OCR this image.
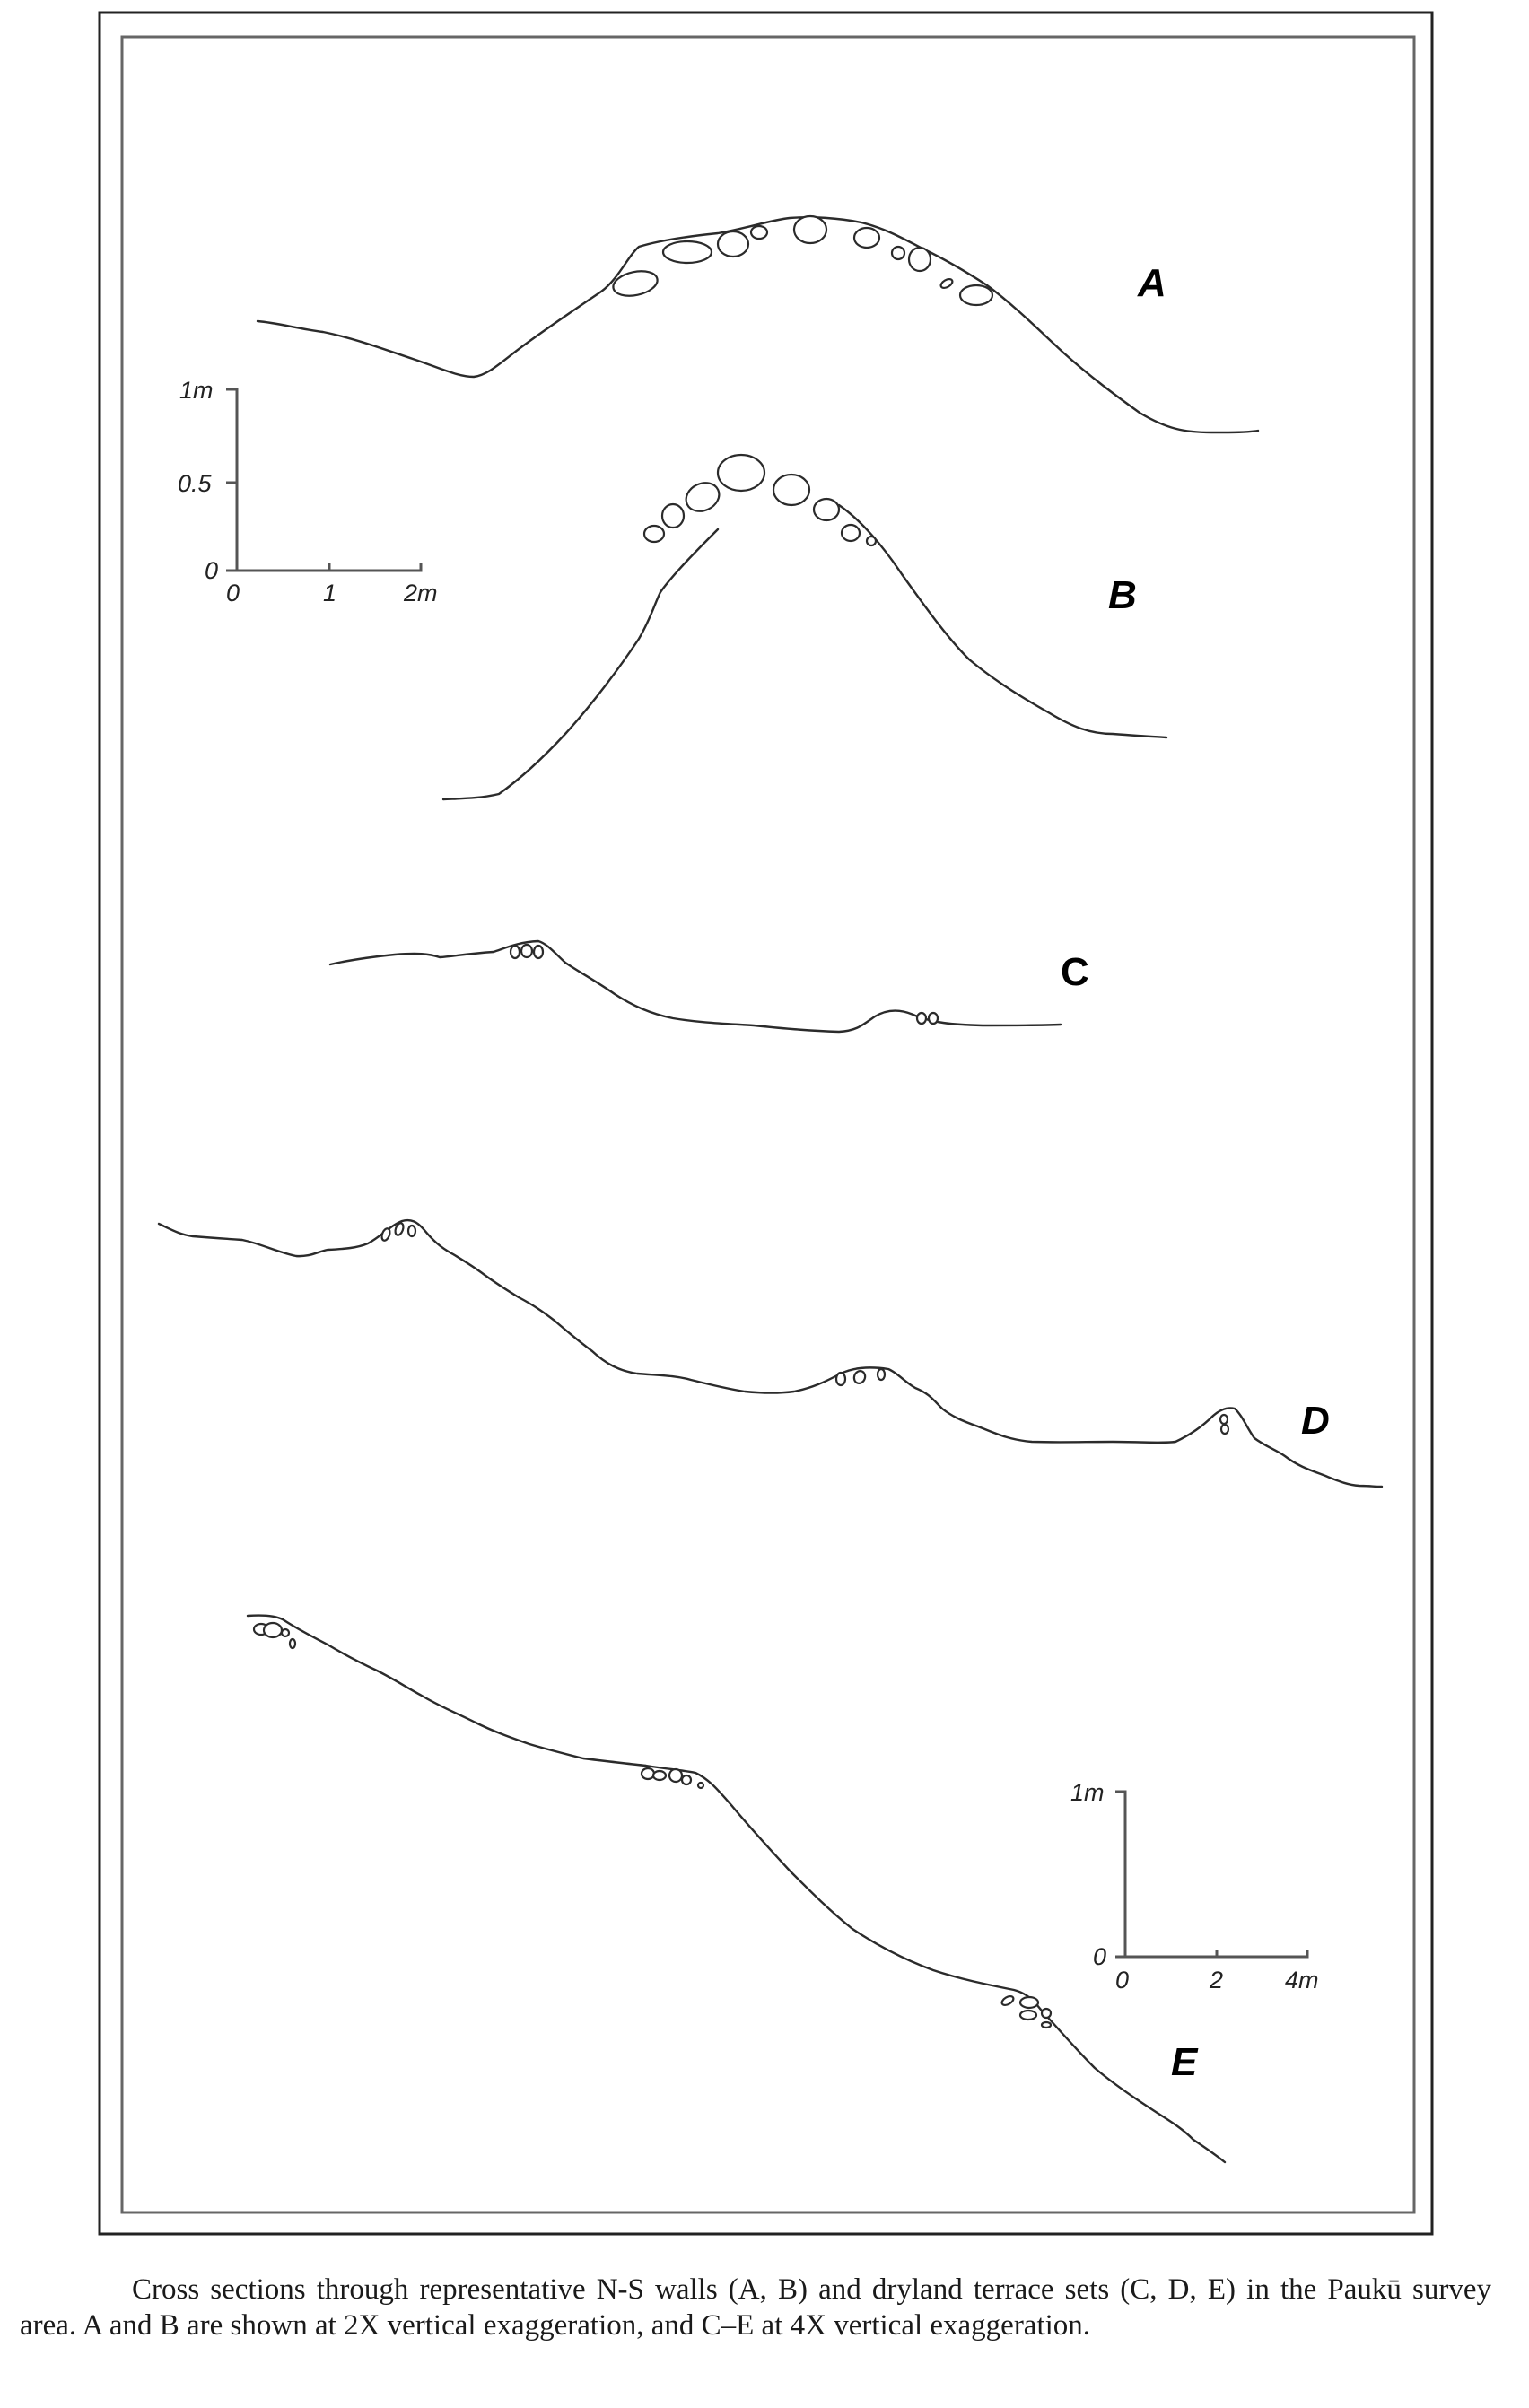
A
1m
0.5
0
0	1	2m	B
C
D
E
1m
0
0	2	4m

Cross sections through representative N-S walls (A, B) and dryland terrace sets (C, D, E) in the Paukū survey area. A and B are shown at 2X vertical exaggeration, and C–E at 4X vertical exaggeration.
